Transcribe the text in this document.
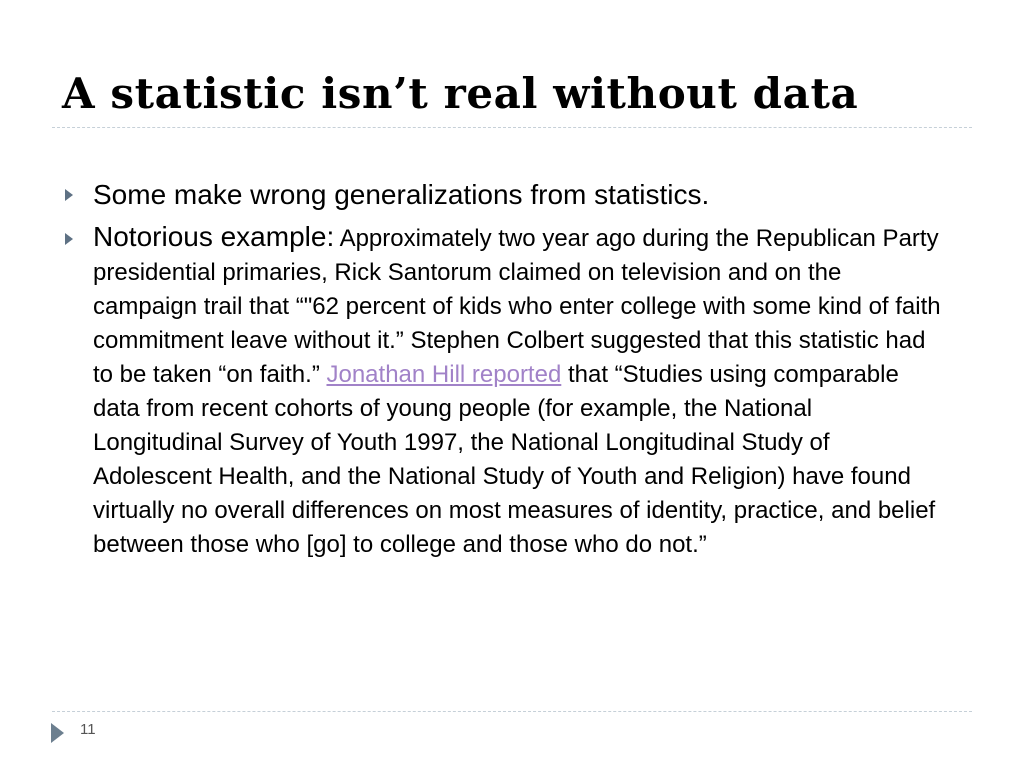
A statistic isn’t real without data
Some make wrong generalizations from statistics.
Notorious example: Approximately two year ago during the Republican Party presidential primaries, Rick Santorum claimed on television and on the campaign trail that “"62 percent of kids who enter college with some kind of faith commitment leave without it.” Stephen Colbert suggested that this statistic had to be taken “on faith.” Jonathan Hill reported that “Studies using comparable data from recent cohorts of young people (for example, the National Longitudinal Survey of Youth 1997, the National Longitudinal Study of Adolescent Health, and the National Study of Youth and Religion) have found virtually no overall differences on most measures of identity, practice, and belief between those who [go] to college and those who do not.”
11
